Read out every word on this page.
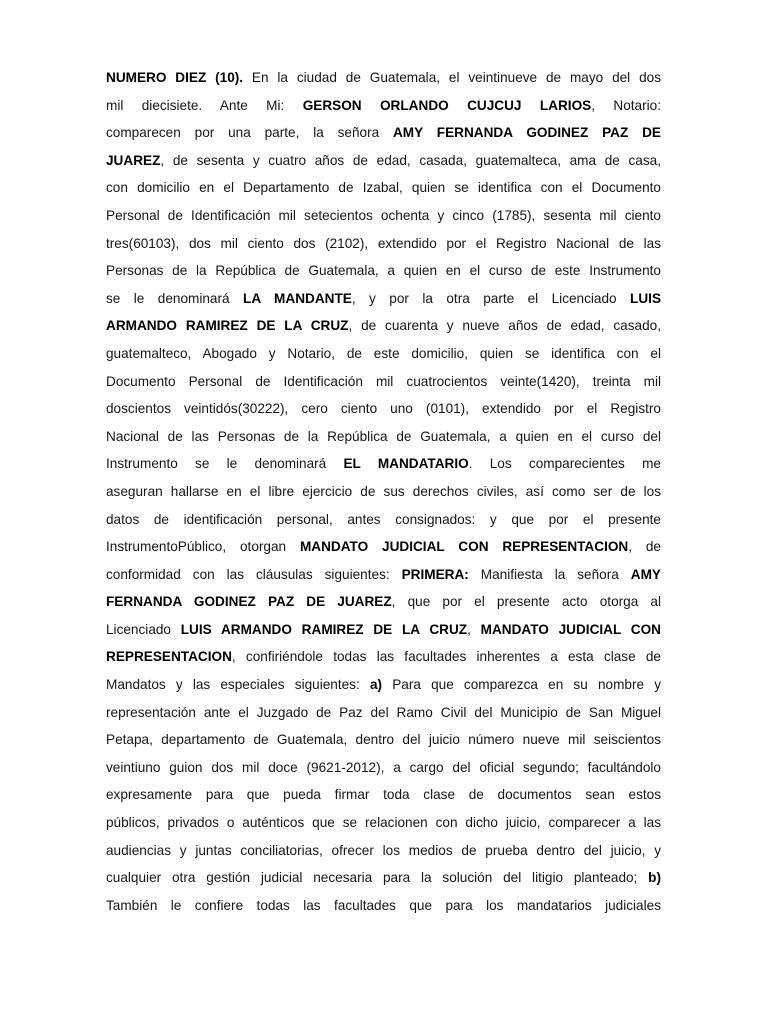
NUMERO DIEZ (10). En la ciudad de Guatemala, el veintinueve de mayo del dos
mil diecisiete. Ante Mi: GERSON ORLANDO CUJCUJ LARIOS, Notario:
comparecen por una parte, la señora AMY FERNANDA GODINEZ PAZ DE
JUAREZ, de sesenta y cuatro años de edad, casada, guatemalteca, ama de casa,
con domicilio en el Departamento de Izabal, quien se identifica con el Documento
Personal de Identificación mil setecientos ochenta y cinco (1785), sesenta mil ciento
tres(60103), dos mil ciento dos (2102), extendido por el Registro Nacional de las
Personas de la República de Guatemala, a quien en el curso de este Instrumento
se le denominará LA MANDANTE, y por la otra parte el Licenciado LUIS
ARMANDO RAMIREZ DE LA CRUZ, de cuarenta y nueve años de edad, casado,
guatemalteco, Abogado y Notario, de este domicilio, quien se identifica con el
Documento Personal de Identificación mil cuatrocientos veinte(1420), treinta mil
doscientos veintidós(30222), cero ciento uno (0101), extendido por el Registro
Nacional de las Personas de la República de Guatemala, a quien en el curso del
Instrumento se le denominará EL MANDATARIO. Los comparecientes me
aseguran hallarse en el libre ejercicio de sus derechos civiles, así como ser de los
datos de identificación personal, antes consignados: y que por el presente
InstrumentoPúblico, otorgan MANDATO JUDICIAL CON REPRESENTACION, de
conformidad con las cláusulas siguientes: PRIMERA: Manifiesta la señora AMY
FERNANDA GODINEZ PAZ DE JUAREZ, que por el presente acto otorga al
Licenciado LUIS ARMANDO RAMIREZ DE LA CRUZ, MANDATO JUDICIAL CON
REPRESENTACION, confiriéndole todas las facultades inherentes a esta clase de
Mandatos y las especiales siguientes: a) Para que comparezca en su nombre y
representación ante el Juzgado de Paz del Ramo Civil del Municipio de San Miguel
Petapa, departamento de Guatemala, dentro del juicio número nueve mil seiscientos
veintiuno guion dos mil doce (9621-2012), a cargo del oficial segundo; facultándolo
expresamente para que pueda firmar toda clase de documentos sean estos
públicos, privados o auténticos que se relacionen con dicho juicio, comparecer a las
audiencias y juntas conciliatorias, ofrecer los medios de prueba dentro del juicio, y
cualquier otra gestión judicial necesaria para la solución del litigio planteado; b)
También le confiere todas las facultades que para los mandatarios judiciales
